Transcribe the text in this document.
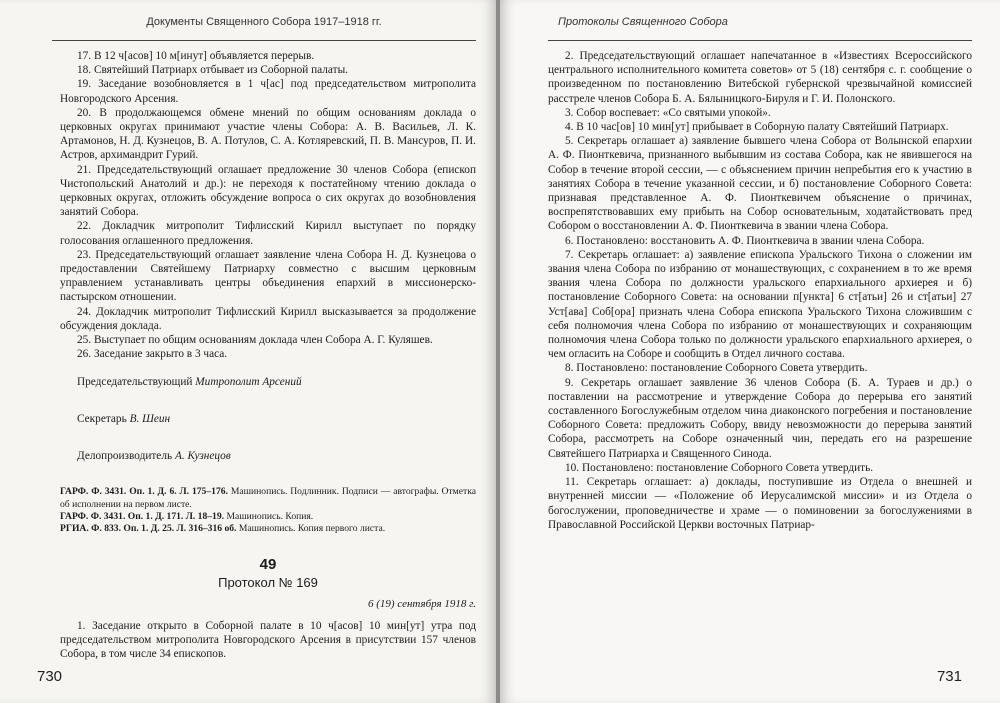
Документы Священного Собора 1917–1918 гг.

17. В 12 ч[асов] 10 м[инут] объявляется перерыв.

18. Святейший Патриарх отбывает из Соборной палаты.

19. Заседание возобновляется в 1 ч[ас] под председательством митрополита Новгородского Арсения.

20. В продолжающемся обмене мнений по общим основаниям доклада о церковных округах принимают участие члены Собора: А. В. Васильев, Л. К. Артамонов, Н. Д. Кузнецов, В. А. Потулов, С. А. Котляревский, П. В. Мансуров, П. И. Астров, архимандрит Гурий.

21. Председательствующий оглашает предложение 30 членов Собора (епископ Чистопольский Анатолий и др.): не переходя к постатейному чтению доклада о церковных округах, отложить обсуждение вопроса о сих округах до возобновления занятий Собора.

22. Докладчик митрополит Тифлисский Кирилл выступает по порядку голосования оглашенного предложения.

23. Председательствующий оглашает заявление члена Собора Н. Д. Кузнецова о предоставлении Святейшему Патриарху совместно с высшим церковным управлением устанавливать центры объединения епархий в миссионерско-пастырском отношении.

24. Докладчик митрополит Тифлисский Кирилл высказывается за продолжение обсуждения доклада.

25. Выступает по общим основаниям доклада член Собора А. Г. Куляшев.

26. Заседание закрыто в 3 часа.

Председательствующий Митрополит Арсений
Секретарь В. Шеин
Делопроизводитель А. Кузнецов

ГАРФ. Ф. 3431. Оп. 1. Д. 6. Л. 175–176. Машинопись. Подлинник. Подписи — автографы. Отметка об исполнении на первом листе.

ГАРФ. Ф. 3431. Оп. 1. Д. 171. Л. 18–19. Машинопись. Копия.

РГИА. Ф. 833. Оп. 1. Д. 25. Л. 316–316 об. Машинопись. Копия первого листа.

49
Протокол № 169
6 (19) сентября 1918 г.

1. Заседание открыто в Соборной палате в 10 ч[асов] 10 мин[ут] утра под председательством митрополита Новгородского Арсения в присутствии 157 членов Собора, в том числе 34 епископов.

730
Протоколы Священного Собора

2. Председательствующий оглашает напечатанное в «Известиях Всероссийского центрального исполнительного комитета советов» от 5 (18) сентября с. г. сообщение о произведенном по постановлению Витебской губернской чрезвычайной комиссией расстреле членов Собора Б. А. Бялыницкого-Бируля и Г. И. Полонского.

3. Собор воспевает: «Со святыми упокой».

4. В 10 час[ов] 10 мин[ут] прибывает в Соборную палату Святейший Патриарх.

5. Секретарь оглашает а) заявление бывшего члена Собора от Волынской епархии А. Ф. Пионткевича, признанного выбывшим из состава Собора, как не явившегося на Собор в течение второй сессии, — с объяснением причин непребытия его к участию в занятиях Собора в течение указанной сессии, и б) постановление Соборного Совета: признавая представленное А. Ф. Пионткевичем объяснение о причинах, воспрепятствовавших ему прибыть на Собор основательным, ходатайствовать пред Собором о восстановлении А. Ф. Пионткевича в звании члена Собора.

6. Постановлено: восстановить А. Ф. Пионткевича в звании члена Собора.

7. Секретарь оглашает: а) заявление епископа Уральского Тихона о сложении им звания члена Собора по избранию от монашествующих, с сохранением в то же время звания члена Собора по должности уральского епархиального архиерея и б) постановление Соборного Совета: на основании п[ункта] 6 ст[атьи] 26 и ст[атьи] 27 Уст[ава] Соб[ора] признать члена Собора епископа Уральского Тихона сложившим с себя полномочия члена Собора по избранию от монашествующих и сохраняющим полномочия члена Собора только по должности уральского епархиального архиерея, о чем огласить на Соборе и сообщить в Отдел личного состава.

8. Постановлено: постановление Соборного Совета утвердить.

9. Секретарь оглашает заявление 36 членов Собора (Б. А. Тураев и др.) о поставлении на рассмотрение и утверждение Собора до перерыва его занятий составленного Богослужебным отделом чина диаконского погребения и постановление Соборного Совета: предложить Собору, ввиду невозможности до перерыва занятий Собора, рассмотреть на Соборе означенный чин, передать его на разрешение Святейшего Патриарха и Священного Синода.

10. Постановлено: постановление Соборного Совета утвердить.

11. Секретарь оглашает: а) доклады, поступившие из Отдела о внешней и внутренней миссии — «Положение об Иерусалимской миссии» и из Отдела о богослужении, проповедничестве и храме — о поминовении за богослужениями в Православной Российской Церкви восточных Патриар-

731
